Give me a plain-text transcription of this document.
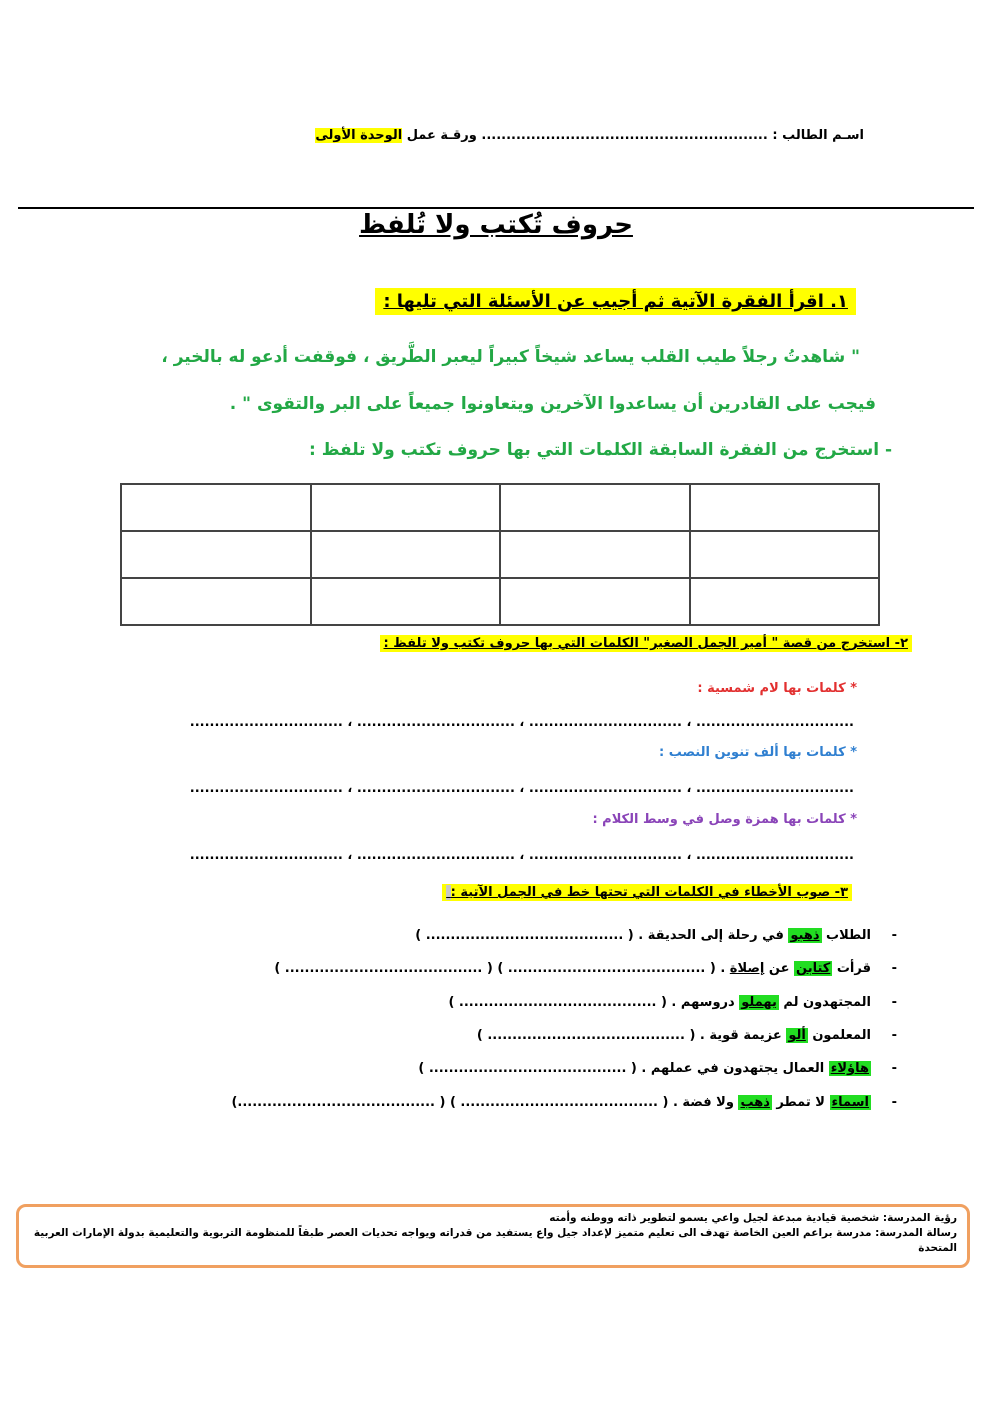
اسـم الطالب : .......................................................... ورقـة عمل الوحدة الأولى
حروف تُكتب ولا تُلفظ
١. اقرأ الفقرة الآتية ثم أجيب عن الأسئلة التي تليها :
" شاهدتُ رجلاً طيب القلب يساعد شيخاً كبيراً ليعبر الطَّريق ، فوقفت أدعو له بالخير ،
فيجب على القادرين أن يساعدوا الآخرين ويتعاونوا جميعاً على البر والتقوى " .
- استخرج من الفقرة السابقة الكلمات التي بها حروف تكتب ولا تلفظ :

٢- استخرج من قصة " أمير الجمل الصغير" الكلمات التي بها حروف تكتب ولا تلفظ :
* كلمات بها لام شمسية :
................................ ، ............................... ، ................................ ، ...............................
* كلمات بها ألف تنوين النصب :
................................ ، ............................... ، ................................ ، ...............................
* كلمات بها همزة وصل في وسط الكلام :
................................ ، ............................... ، ................................ ، ...............................
٣- صوب الأخطاء في الكلمات التي تحتها خط في الجمل الآتية :
-الطلاب ذهبو في رحلة إلى الحديقة . ( ........................................ )
-قرأت كتابن عن إصلاة . ( ........................................ ) ( ........................................ )
-المجتهدون لم يهملو دروسهم . ( ........................................ )
-المعلمون ألو عزيمة قوية . ( ........................................ )
-هاؤلاء العمال يجتهدون في عملهم . ( ........................................ )
-اسماء لا تمطر ذهب ولا فضة . ( ........................................ ) ( ........................................)
رؤية المدرسة: شخصية قيادية مبدعة لجيل واعي يسمو لتطوير ذاته ووطنه وأمته
رسالة المدرسة: مدرسة براعم العين الخاصة تهدف الى تعليم متميز لإعداد جيل واع يستفيد من قدراته ويواجه تحديات العصر طبقاً للمنظومة التربوية والتعليمية بدولة الإمارات العربية المتحدة
